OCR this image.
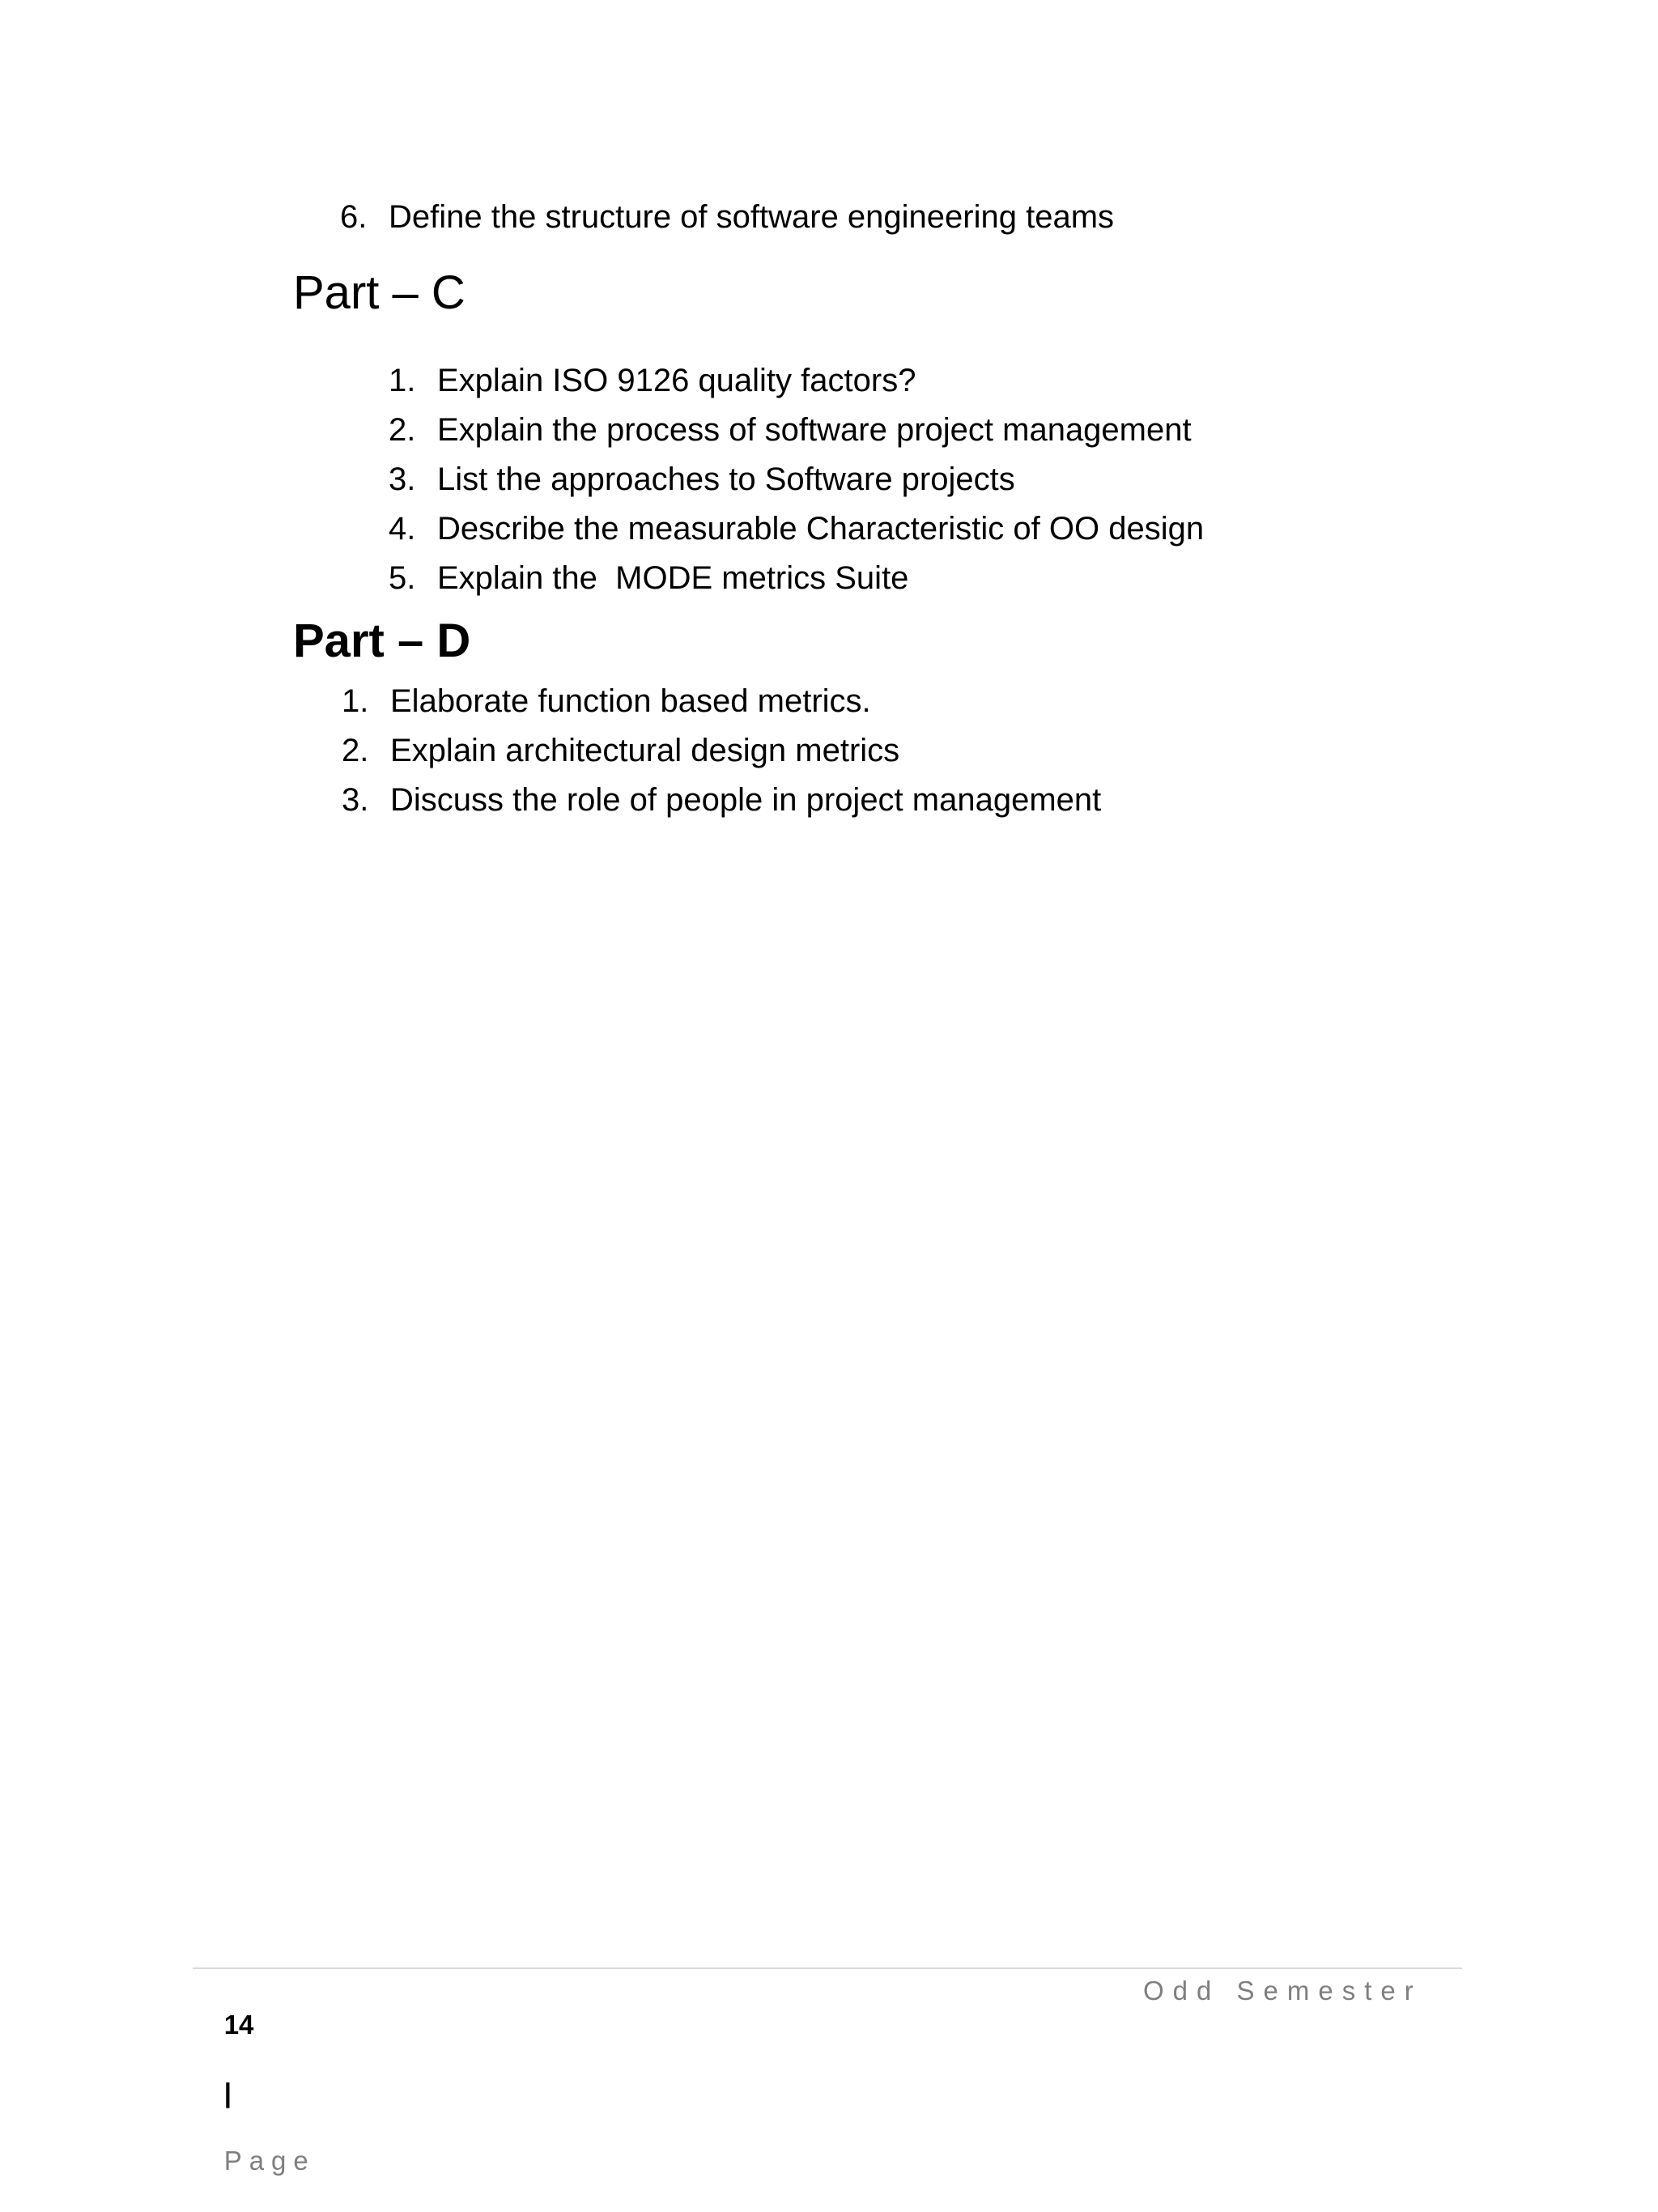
6.

Define the structure of software engineering teams

Part – C

1.

Explain ISO 9126 quality factors?

2.

Explain the process of software project management

3.

List the approaches to Software projects

4.

Describe the measurable Characteristic of OO design

5.

Explain the  MODE metrics Suite

Part – D

1.

Elaborate function based metrics.

2.

Explain architectural design metrics

3.

Discuss the role of people in project management

14

|

Page

Odd Semester
